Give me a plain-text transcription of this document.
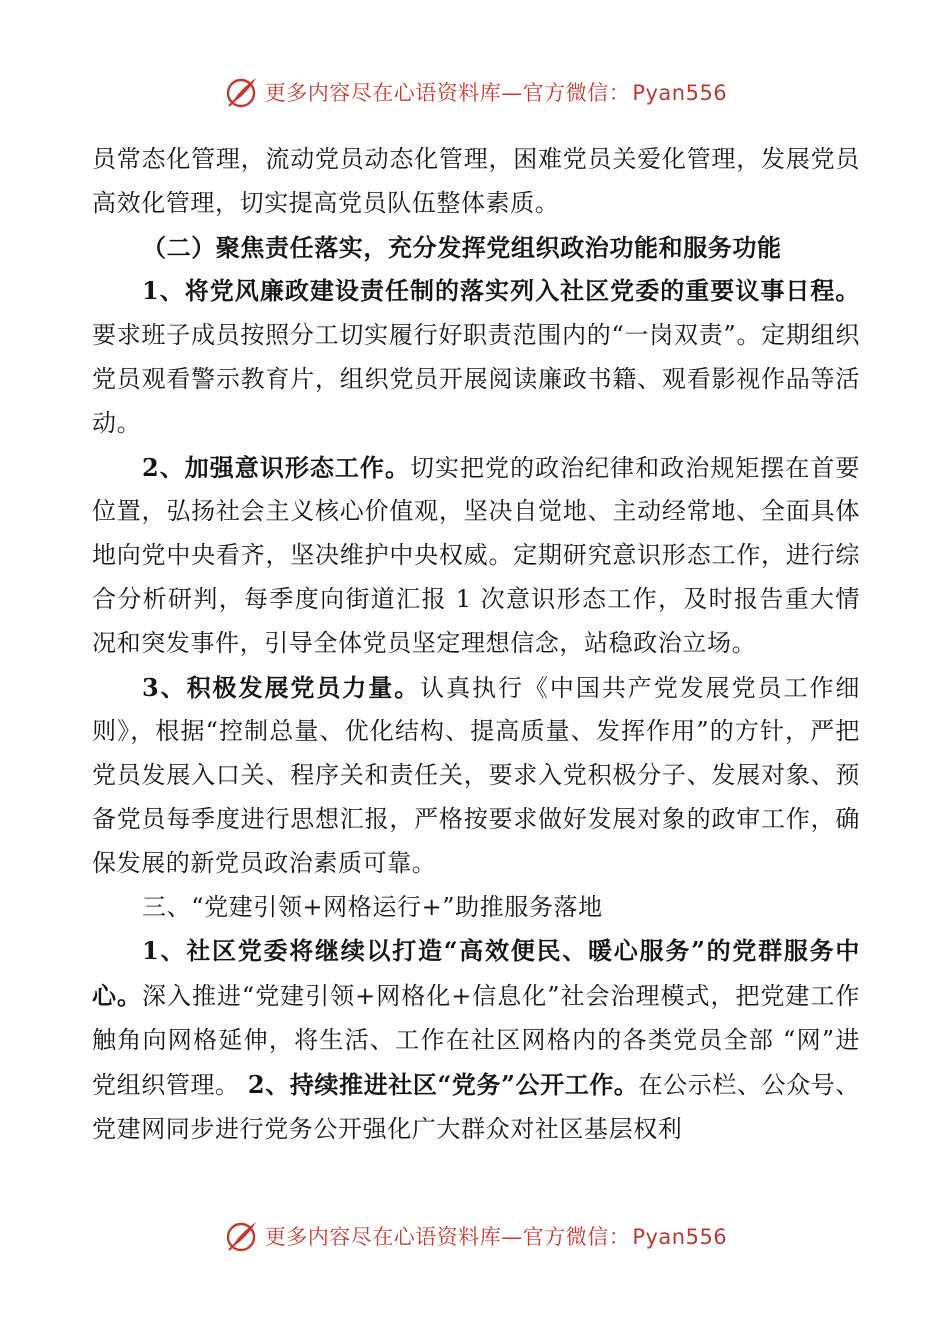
更多内容尽在心语资料库—官方微信：Pyan556

员常态化管理，流动党员动态化管理，困难党员关爱化管理，发展党员高效化管理，切实提高党员队伍整体素质。

（二）聚焦责任落实，充分发挥党组织政治功能和服务功能

1、将党风廉政建设责任制的落实列入社区党委的重要议事日程。要求班子成员按照分工切实履行好职责范围内的“一岗双责”。定期组织党员观看警示教育片，组织党员开展阅读廉政书籍、观看影视作品等活动。

2、加强意识形态工作。切实把党的政治纪律和政治规矩摆在首要位置，弘扬社会主义核心价值观，坚决自觉地、主动经常地、全面具体地向党中央看齐，坚决维护中央权威。定期研究意识形态工作，进行综合分析研判，每季度向街道汇报 1 次意识形态工作，及时报告重大情况和突发事件，引导全体党员坚定理想信念，站稳政治立场。

3、积极发展党员力量。认真执行《中国共产党发展党员工作细则》，根据“控制总量、优化结构、提高质量、发挥作用”的方针，严把党员发展入口关、程序关和责任关，要求入党积极分子、发展对象、预备党员每季度进行思想汇报，严格按要求做好发展对象的政审工作，确保发展的新党员政治素质可靠。

三、“党建引领+网格运行+”助推服务落地

1、社区党委将继续以打造“高效便民、暖心服务”的党群服务中心。深入推进“党建引领+网格化+信息化”社会治理模式，把党建工作触角向网格延伸，将生活、工作在社区网格内的各类党员全部 “网”进党组织管理。 2、持续推进社区“党务”公开工作。在公示栏、公众号、党建网同步进行党务公开强化广大群众对社区基层权利

更多内容尽在心语资料库—官方微信：Pyan556
